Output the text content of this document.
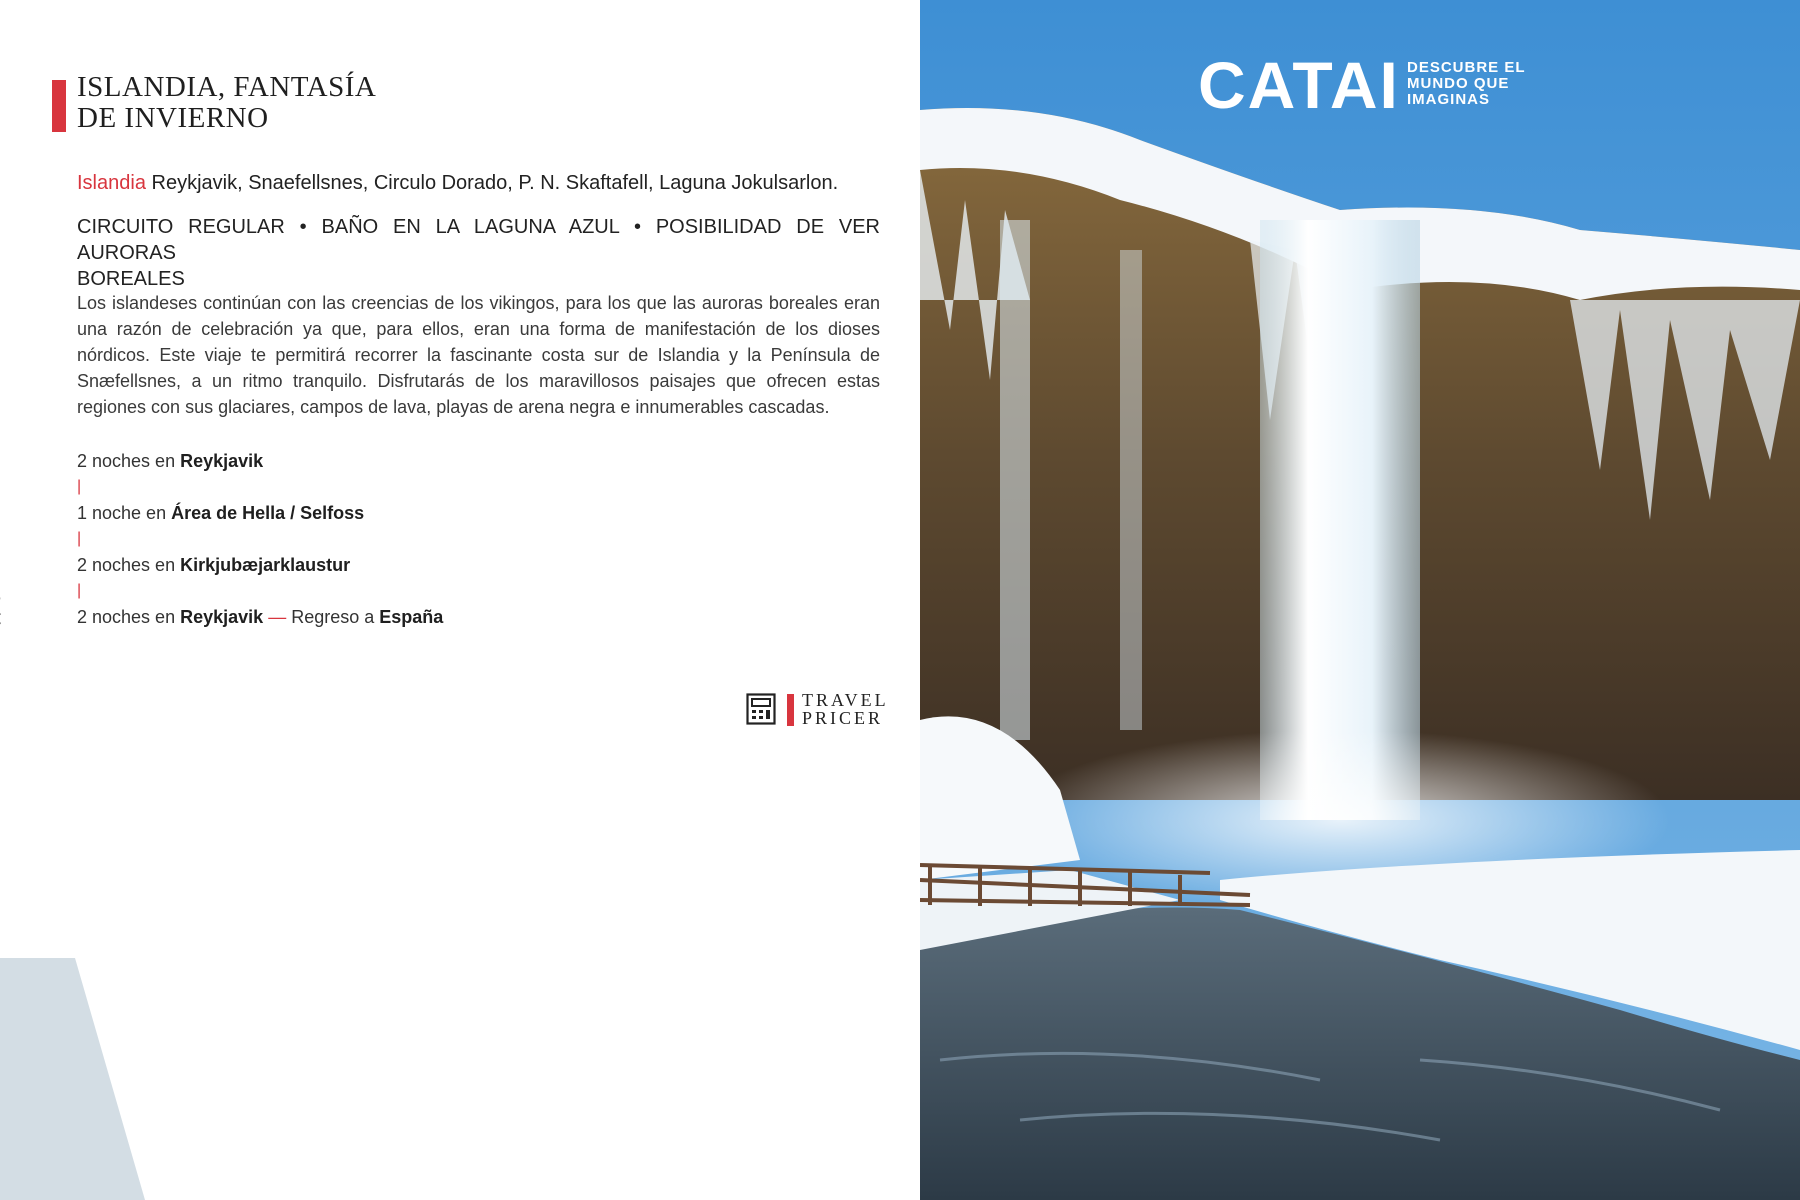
ISLANDIA, FANTASÍA
DE INVIERNO
Islandia Reykjavik, Snaefellsnes, Circulo Dorado, P. N. Skaftafell, Laguna Jokulsarlon.
CIRCUITO REGULAR • BAÑO EN LA LAGUNA AZUL • POSIBILIDAD DE VER AURORAS
BOREALES
Los islandeses continúan con las creencias de los vikingos, para los que las auroras boreales eran una razón de celebración ya que, para ellos, eran una forma de manifestación de los dioses nórdicos. Este viaje te permitirá recorrer la fascinante costa sur de Islandia y la Península de Snæfellsnes, a un ritmo tranquilo. Disfrutarás de los maravillosos paisajes que ofrecen estas regiones con sus glaciares, campos de lava, playas de arena negra e innumerables cascadas.
2 noches en Reykjavik
|
1 noche en Área de Hella / Selfoss
|
2 noches en Kirkjubæjarklaustur
|
2 noches en Reykjavik — Regreso a España
TRAVEL
PRICER
CATAI DESCUBRE EL
MUNDO QUE
IMAGINAS
